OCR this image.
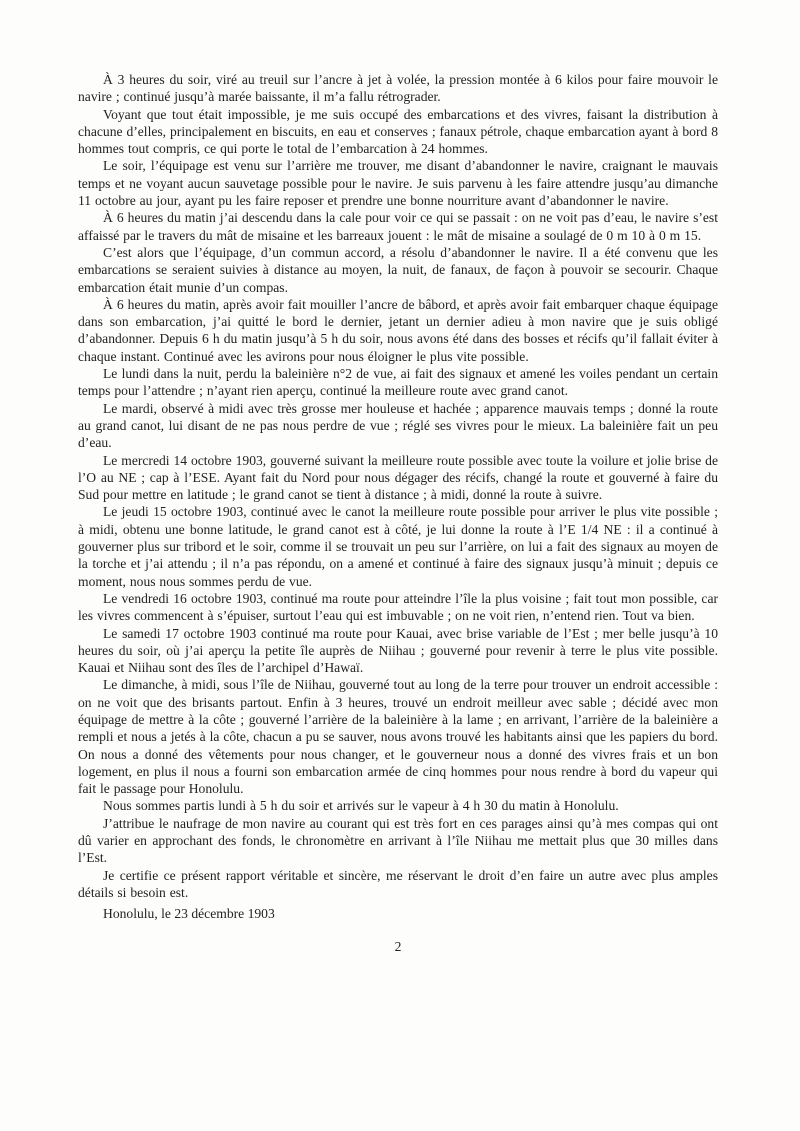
À 3 heures du soir, viré au treuil sur l’ancre à jet à volée, la pression montée à 6 kilos pour faire mouvoir le navire ; continué jusqu’à marée baissante, il m’a fallu rétrograder.

Voyant que tout était impossible, je me suis occupé des embarcations et des vivres, faisant la distribution à chacune d’elles, principalement en biscuits, en eau et conserves ; fanaux pétrole, chaque embarcation ayant à bord 8 hommes tout compris, ce qui porte le total de l’embarcation à 24 hommes.

Le soir, l’équipage est venu sur l’arrière me trouver, me disant d’abandonner le navire, craignant le mauvais temps et ne voyant aucun sauvetage possible pour le navire. Je suis parvenu à les faire attendre jusqu’au dimanche 11 octobre au jour, ayant pu les faire reposer et prendre une bonne nourriture avant d’abandonner le navire.

À 6 heures du matin j’ai descendu dans la cale pour voir ce qui se passait : on ne voit pas d’eau, le navire s’est affaissé par le travers du mât de misaine et les barreaux jouent : le mât de misaine a soulagé de 0 m 10 à 0 m 15.

C’est alors que l’équipage, d’un commun accord, a résolu d’abandonner le navire. Il a été convenu que les embarcations se seraient suivies à distance au moyen, la nuit, de fanaux, de façon à pouvoir se secourir. Chaque embarcation était munie d’un compas.

À 6 heures du matin, après avoir fait mouiller l’ancre de bâbord, et après avoir fait embarquer chaque équipage dans son embarcation, j’ai quitté le bord le dernier, jetant un dernier adieu à mon navire que je suis obligé d’abandonner. Depuis 6 h du matin jusqu’à 5 h du soir, nous avons été dans des bosses et récifs qu’il fallait éviter à chaque instant. Continué avec les avirons pour nous éloigner le plus vite possible.

Le lundi dans la nuit, perdu la baleinière n°2 de vue, ai fait des signaux et amené les voiles pendant un certain temps pour l’attendre ; n’ayant rien aperçu, continué la meilleure route avec grand canot.

Le mardi, observé à midi avec très grosse mer houleuse et hachée ; apparence mauvais temps ; donné la route au grand canot, lui disant de ne pas nous perdre de vue ; réglé ses vivres pour le mieux. La baleinière fait un peu d’eau.

Le mercredi 14 octobre 1903, gouverné suivant la meilleure route possible avec toute la voilure et jolie brise de l’O au NE ; cap à l’ESE. Ayant fait du Nord pour nous dégager des récifs, changé la route et gouverné à faire du Sud pour mettre en latitude ; le grand canot se tient à distance ; à midi, donné la route à suivre.

Le jeudi 15 octobre 1903, continué avec le canot la meilleure route possible pour arriver le plus vite possible ; à midi, obtenu une bonne latitude, le grand canot est à côté, je lui donne la route à l’E 1/4 NE : il a continué à gouverner plus sur tribord et le soir, comme il se trouvait un peu sur l’arrière, on lui a fait des signaux au moyen de la torche et j’ai attendu ; il n’a pas répondu, on a amené et continué à faire des signaux jusqu’à minuit ; depuis ce moment, nous nous sommes perdu de vue.

Le vendredi 16 octobre 1903, continué ma route pour atteindre l’île la plus voisine ; fait tout mon possible, car les vivres commencent à s’épuiser, surtout l’eau qui est imbuvable ; on ne voit rien, n’entend rien. Tout va bien.

Le samedi 17 octobre 1903 continué ma route pour Kauai, avec brise variable de l’Est ; mer belle jusqu’à 10 heures du soir, où j’ai aperçu la petite île auprès de Niihau ; gouverné pour revenir à terre le plus vite possible. Kauai et Niihau sont des îles de l’archipel d’Hawaï.

Le dimanche, à midi, sous l’île de Niihau, gouverné tout au long de la terre pour trouver un endroit accessible : on ne voit que des brisants partout. Enfin à 3 heures, trouvé un endroit meilleur avec sable ; décidé avec mon équipage de mettre à la côte ; gouverné l’arrière de la baleinière à la lame ; en arrivant, l’arrière de la baleinière a rempli et nous a jetés à la côte, chacun a pu se sauver, nous avons trouvé les habitants ainsi que les papiers du bord. On nous a donné des vêtements pour nous changer, et le gouverneur nous a donné des vivres frais et un bon logement, en plus il nous a fourni son embarcation armée de cinq hommes pour nous rendre à bord du vapeur qui fait le passage pour Honolulu.

Nous sommes partis lundi à 5 h du soir et arrivés sur le vapeur à 4 h 30 du matin à Honolulu.

J’attribue le naufrage de mon navire au courant qui est très fort en ces parages ainsi qu’à mes compas qui ont dû varier en approchant des fonds, le chronomètre en arrivant à l’île Niihau me mettait plus que 30 milles dans l’Est.

Je certifie ce présent rapport véritable et sincère, me réservant le droit d’en faire un autre avec plus amples détails si besoin est.

Honolulu, le 23 décembre 1903

2
